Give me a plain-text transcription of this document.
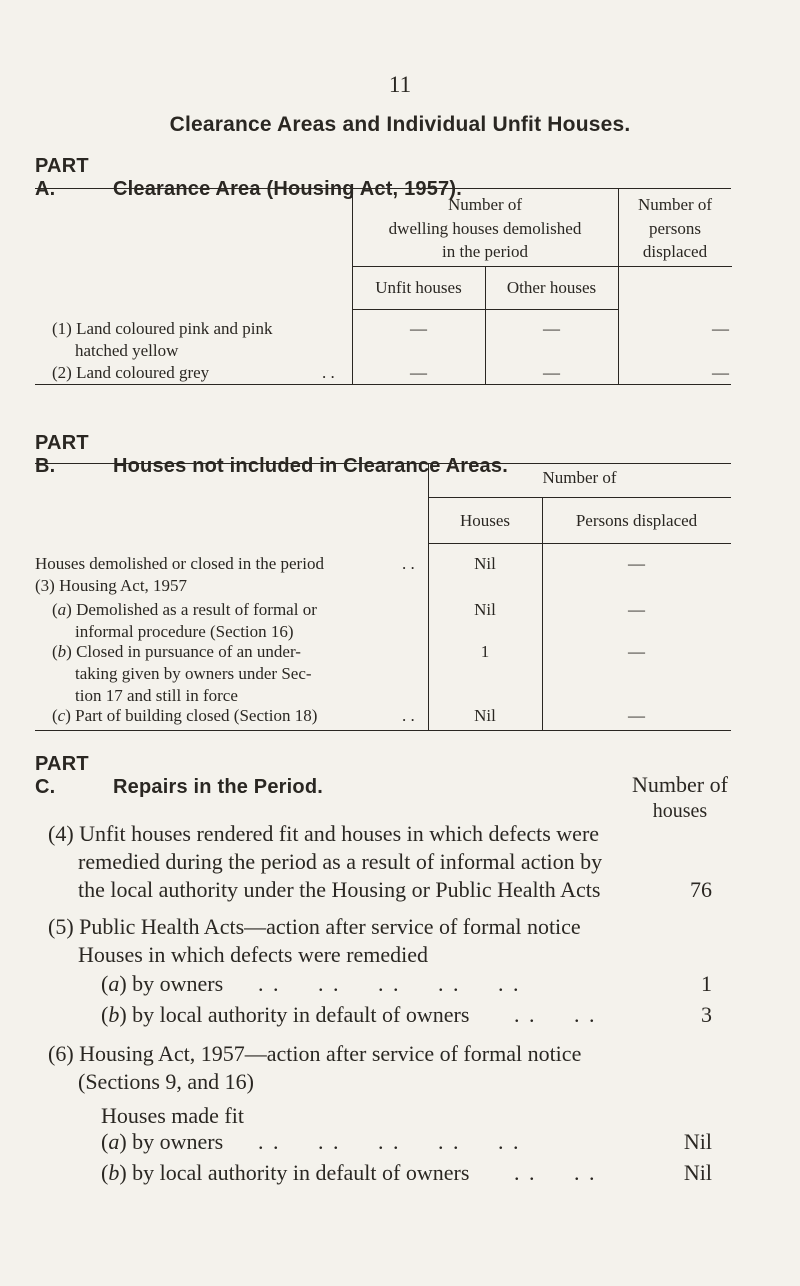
11
Clearance Areas and Individual Unfit Houses.
PART A.	Clearance Area (Housing Act, 1957).
Number of
dwelling houses demolished
in the period
Number of
persons
displaced
Unfit houses	Other houses
(1) Land coloured pink and pink
hatched yellow
—	—	—
(2) Land coloured grey	. .	—	—	—
PART B.	Houses not included in Clearance Areas.
Number of
Houses	Persons displaced
Houses demolished or closed in the period	. .	Nil	—
(3) Housing Act, 1957
(a) Demolished as a result of formal or
informal procedure (Section 16)
Nil	—
(b) Closed in pursuance of an under-
taking given by owners under Sec-
tion 17 and still in force
1	—
(c) Part of building closed (Section 18)	. .	Nil	—
PART C.	Repairs in the Period.	Number of
houses
(4) Unfit houses rendered fit and houses in which defects were
remedied during the period as a result of informal action by
the local authority under the Housing or Public Health Acts	76
(5) Public Health Acts—action after service of formal notice
Houses in which defects were remedied
(a) by owners . .     . .     . .     . .     . .	1
(b) by local authority in default of owners . .     . .	3
(6) Housing Act, 1957—action after service of formal notice
(Sections 9, and 16)
Houses made fit
(a) by owners . .     . .     . .     . .     . .	Nil
(b) by local authority in default of owners . .     . .	Nil
